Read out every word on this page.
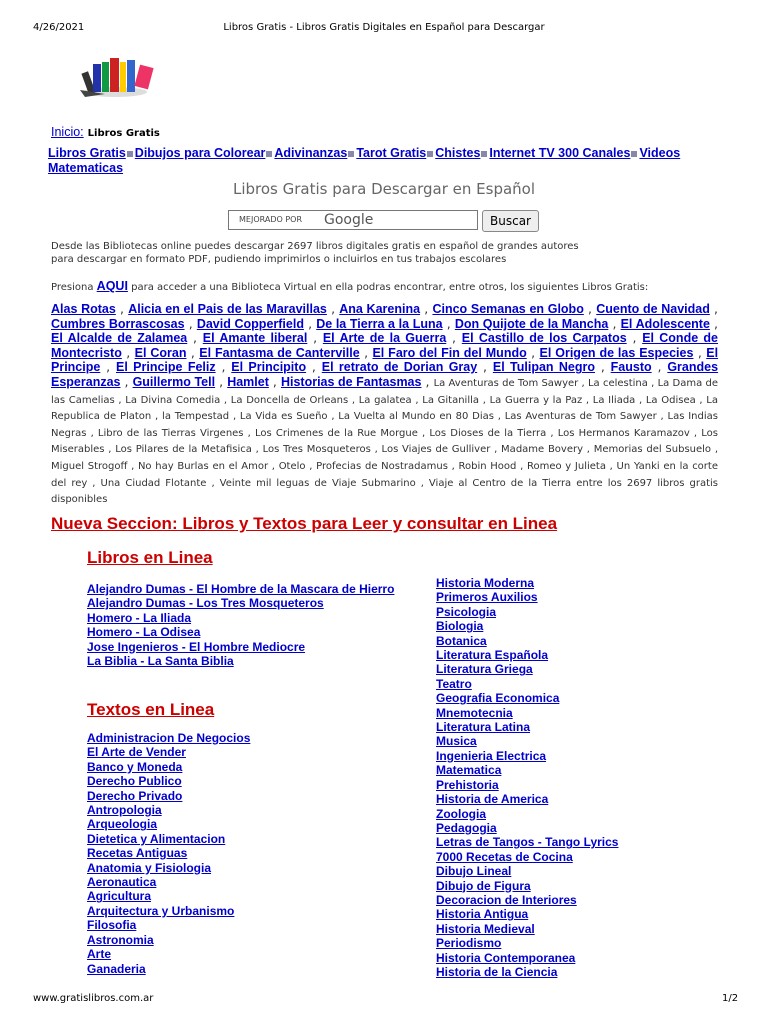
4/26/2021	Libros Gratis - Libros Gratis Digitales en Español para Descargar
Inicio: Libros Gratis
Libros Gratis Dibujos para Colorear Adivinanzas Tarot Gratis Chistes Internet TV 300 Canales Videos
Matematicas
Libros Gratis para Descargar en Español
MEJORADO POR Google	Buscar
Desde las Bibliotecas online puedes descargar 2697 libros digitales gratis en español de grandes autores
para descargar en formato PDF, pudiendo imprimirlos o incluirlos en tus trabajos escolares
Presiona AQUI para acceder a una Biblioteca Virtual en ella podras encontrar, entre otros, los siguientes Libros Gratis:
Alas Rotas , Alicia en el Pais de las Maravillas , Ana Karenina , Cinco Semanas en Globo , Cuento de Navidad , Cumbres Borrascosas , David Copperfield , De la Tierra a la Luna , Don Quijote de la Mancha , El Adolescente , El Alcalde de Zalamea , El Amante liberal , El Arte de la Guerra , El Castillo de los Carpatos , El Conde de Montecristo , El Coran , El Fantasma de Canterville , El Faro del Fin del Mundo , El Origen de las Especies , El Principe , El Principe Feliz , El Principito , El retrato de Dorian Gray , El Tulipan Negro , Fausto , Grandes Esperanzas , Guillermo Tell , Hamlet , Historias de Fantasmas , La Aventuras de Tom Sawyer , La celestina , La Dama de las Camelias , La Divina Comedia , La Doncella de Orleans , La galatea , La Gitanilla , La Guerra y la Paz , La Iliada , La Odisea , La Republica de Platon , la Tempestad , La Vida es Sueño , La Vuelta al Mundo en 80 Dias , Las Aventuras de Tom Sawyer , Las Indias Negras , Libro de las Tierras Virgenes , Los Crimenes de la Rue Morgue , Los Dioses de la Tierra , Los Hermanos Karamazov , Los Miserables , Los Pilares de la Metafisica , Los Tres Mosqueteros , Los Viajes de Gulliver , Madame Bovery , Memorias del Subsuelo , Miguel Strogoff , No hay Burlas en el Amor , Otelo , Profecias de Nostradamus , Robin Hood , Romeo y Julieta , Un Yanki en la corte del rey , Una Ciudad Flotante , Veinte mil leguas de Viaje Submarino , Viaje al Centro de la Tierra entre los 2697 libros gratis disponibles
Nueva Seccion: Libros y Textos para Leer y consultar en Linea
Libros en Linea
Alejandro Dumas - El Hombre de la Mascara de Hierro
Alejandro Dumas - Los Tres Mosqueteros
Homero - La Iliada
Homero - La Odisea
Jose Ingenieros - El Hombre Mediocre
La Biblia - La Santa Biblia
Textos en Linea
Administracion De Negocios
El Arte de Vender
Banco y Moneda
Derecho Publico
Derecho Privado
Antropologia
Arqueologia
Dietetica y Alimentacion
Recetas Antiguas
Anatomia y Fisiologia
Aeronautica
Agricultura
Arquitectura y Urbanismo
Filosofia
Astronomia
Arte
Ganaderia
Historia Moderna
Primeros Auxilios
Psicologia
Biologia
Botanica
Literatura Española
Literatura Griega
Teatro
Geografia Economica
Mnemotecnia
Literatura Latina
Musica
Ingenieria Electrica
Matematica
Prehistoria
Historia de America
Zoologia
Pedagogia
Letras de Tangos - Tango Lyrics
7000 Recetas de Cocina
Dibujo Lineal
Dibujo de Figura
Decoracion de Interiores
Historia Antigua
Historia Medieval
Periodismo
Historia Contemporanea
Historia de la Ciencia
www.gratislibros.com.ar	1/2
